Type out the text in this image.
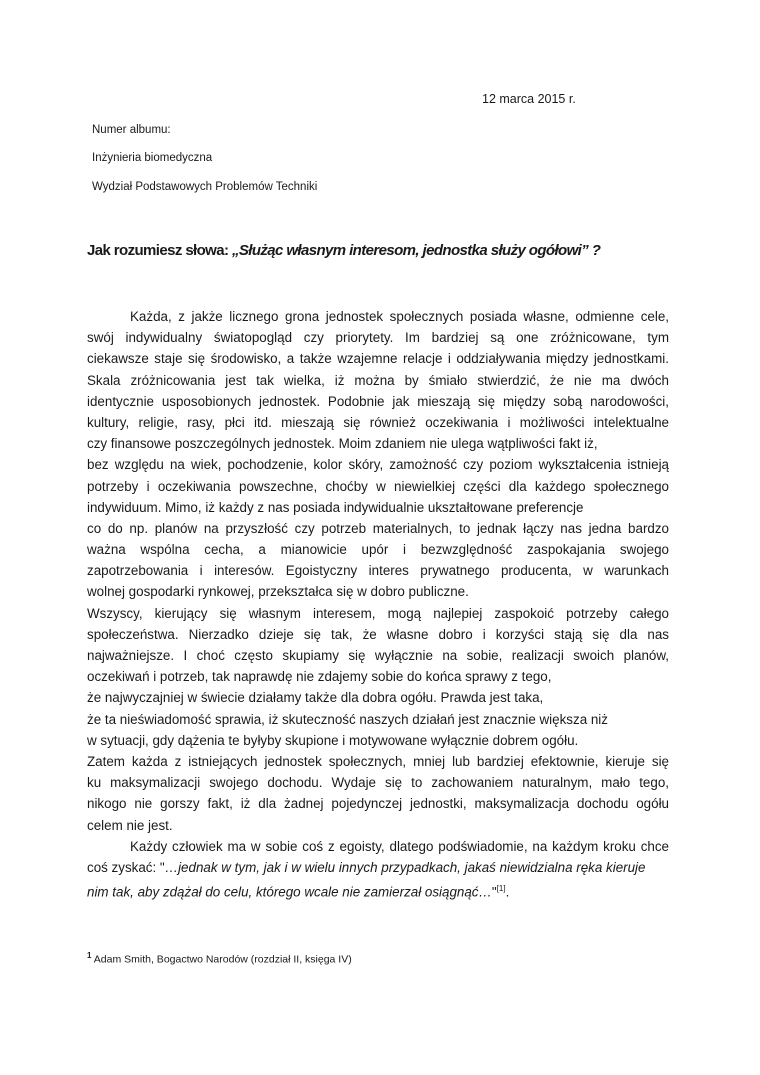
12 marca 2015 r.
Numer albumu:
Inżynieria biomedyczna
Wydział Podstawowych Problemów Techniki
Jak rozumiesz słowa: „Służąc własnym interesom, jednostka służy ogółowi” ?
Każda, z jakże licznego grona jednostek społecznych posiada własne, odmienne cele,
swój indywidualny światopogląd czy priorytety. Im bardziej są one zróżnicowane, tym
ciekawsze staje się środowisko, a także wzajemne relacje i oddziaływania między jednostkami.
Skala zróżnicowania jest tak wielka, iż można by śmiało stwierdzić, że nie ma dwóch
identycznie usposobionych jednostek. Podobnie jak mieszają się między sobą narodowości,
kultury, religie, rasy, płci itd. mieszają się również oczekiwania i możliwości intelektualne
czy finansowe poszczególnych jednostek. Moim zdaniem nie ulega wątpliwości fakt iż,
bez względu na wiek, pochodzenie, kolor skóry, zamożność czy poziom wykształcenia istnieją
potrzeby i oczekiwania powszechne, choćby w niewielkiej części dla każdego społecznego
indywiduum. Mimo, iż każdy z nas posiada indywidualnie ukształtowane preferencje
co do np. planów na przyszłość czy potrzeb materialnych, to jednak łączy nas jedna bardzo
ważna wspólna cecha, a mianowicie upór i bezwzględność zaspokajania swojego
zapotrzebowania i interesów. Egoistyczny interes prywatnego producenta, w warunkach
wolnej gospodarki rynkowej, przekształca się w dobro publiczne.
Wszyscy, kierujący się własnym interesem, mogą najlepiej zaspokoić potrzeby całego
społeczeństwa. Nierzadko dzieje się tak, że własne dobro i korzyści stają się dla nas
najważniejsze. I choć często skupiamy się wyłącznie na sobie, realizacji swoich planów,
oczekiwań i potrzeb, tak naprawdę nie zdajemy sobie do końca sprawy z tego,
że najwyczajniej w świecie działamy także dla dobra ogółu. Prawda jest taka,
że ta nieświadomość sprawia, iż skuteczność naszych działań jest znacznie większa niż
w sytuacji, gdy dążenia te byłyby skupione i motywowane wyłącznie dobrem ogółu.
Zatem każda z istniejących jednostek społecznych, mniej lub bardziej efektownie, kieruje się
ku maksymalizacji swojego dochodu. Wydaje się to zachowaniem naturalnym, mało tego,
nikogo nie gorszy fakt, iż dla żadnej pojedynczej jednostki, maksymalizacja dochodu ogółu
celem nie jest.
Każdy człowiek ma w sobie coś z egoisty, dlatego podświadomie, na każdym kroku chce
coś zyskać: "…jednak w tym, jak i w wielu innych przypadkach, jakaś niewidzialna ręka kieruje
nim tak, aby zdążał do celu, którego wcale nie zamierzał osiągnąć…"[1].
$^1$ Adam Smith, Bogactwo Narodów (rozdział II, księga IV)
